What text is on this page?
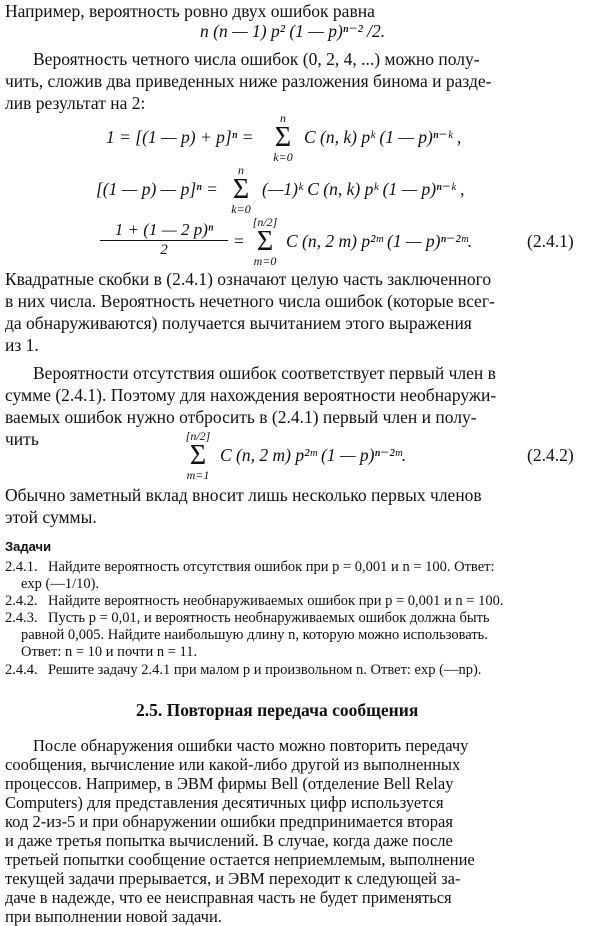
Например, вероятность ровно двух ошибок равна
n (n — 1) p² (1 — p)ⁿ⁻² /2.
Вероятность четного числа ошибок (0, 2, 4, ...) можно полу-
чить, сложив два приведенных ниже разложения бинома и разде-
лив результат на 2:
1 = [(1 — p) + p]ⁿ =
n
Σ
k=0
C (n, k) pᵏ (1 — p)ⁿ⁻ᵏ ,
[(1 — p) — p]ⁿ =
n
Σ
k=0
(—1)ᵏ C (n, k) pᵏ (1 — p)ⁿ⁻ᵏ ,
1 + (1 — 2 p)ⁿ
2	=
[n/2]
Σ
m=0
C (n, 2 m) p²ᵐ (1 — p)ⁿ⁻²ᵐ.	(2.4.1)
Квадратные скобки в (2.4.1) означают целую часть заключенного
в них числа. Вероятность нечетного числа ошибок (которые всег-
да обнаруживаются) получается вычитанием этого выражения
из 1.
Вероятности отсутствия ошибок соответствует первый член в
сумме (2.4.1). Поэтому для нахождения вероятности необнаружи-
ваемых ошибок нужно отбросить в (2.4.1) первый член и полу-
чить	[n/2]
Σ
m=1
C (n, 2 m) p²ᵐ (1 — p)ⁿ⁻²ᵐ.	(2.4.2)
Обычно заметный вклад вносит лишь несколько первых членов
этой суммы.
Задачи
2.4.1. Найдите вероятность отсутствия ошибок при p = 0,001 и n = 100. Ответ:
exp (—1/10).
2.4.2. Найдите вероятность необнаруживаемых ошибок при p = 0,001 и n = 100.
2.4.3. Пусть p = 0,01, и вероятность необнаруживаемых ошибок должна быть
равной 0,005. Найдите наибольшую длину n, которую можно использовать.
Ответ: n = 10 и почти n = 11.
2.4.4. Решите задачу 2.4.1 при малом p и произвольном n. Ответ: exp (—np).
2.5. Повторная передача сообщения
После обнаружения ошибки часто можно повторить передачу
сообщения, вычисление или какой-либо другой из выполненных
процессов. Например, в ЭВМ фирмы Bell (отделение Bell Relay
Computers) для представления десятичных цифр используется
код 2-из-5 и при обнаружении ошибки предпринимается вторая
и даже третья попытка вычислений. В случае, когда даже после
третьей попытки сообщение остается неприемлемым, выполнение
текущей задачи прерывается, и ЭВМ переходит к следующей за-
даче в надежде, что ее неисправная часть не будет применяться
при выполнении новой задачи.
